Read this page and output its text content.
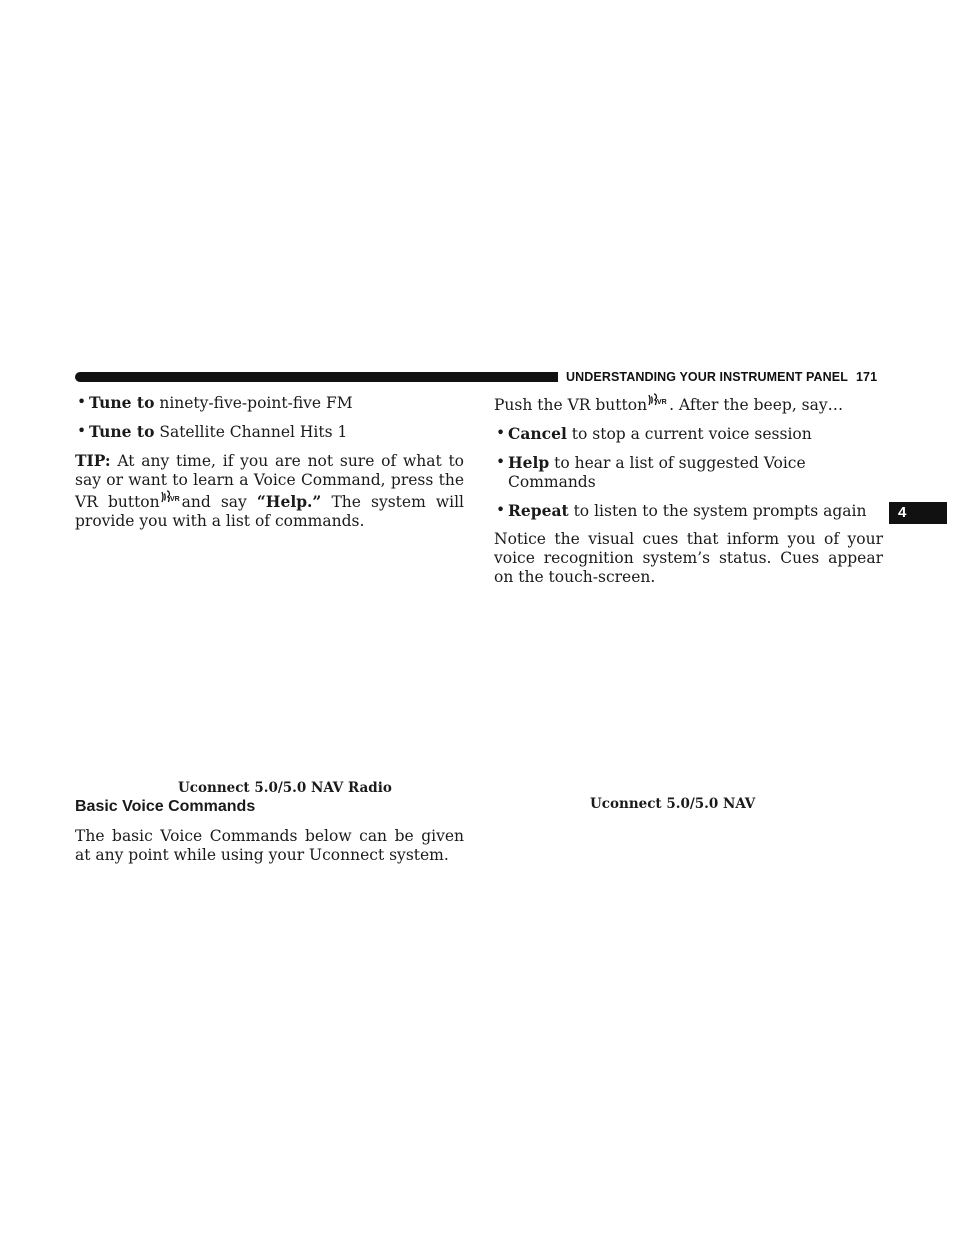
UNDERSTANDING YOUR INSTRUMENT PANEL 171
4
• Tune to ninety-five-point-five FM
• Tune to Satellite Channel Hits 1

TIP: At any time, if you are not sure of what to say or want to learn a Voice Command, press the VR button VR and say “Help.” The system will provide you with a list of commands.

Uconnect 5.0/5.0 NAV Radio
Basic Voice Commands
The basic Voice Commands below can be given at any point while using your Uconnect system.

Push the VR button VR . After the beep, say…

• Cancel to stop a current voice session
• Help to hear a list of suggested Voice Commands
• Repeat to listen to the system prompts again

Notice the visual cues that inform you of your voice recognition system’s status. Cues appear on the touch-screen.

Uconnect 5.0/5.0 NAV
